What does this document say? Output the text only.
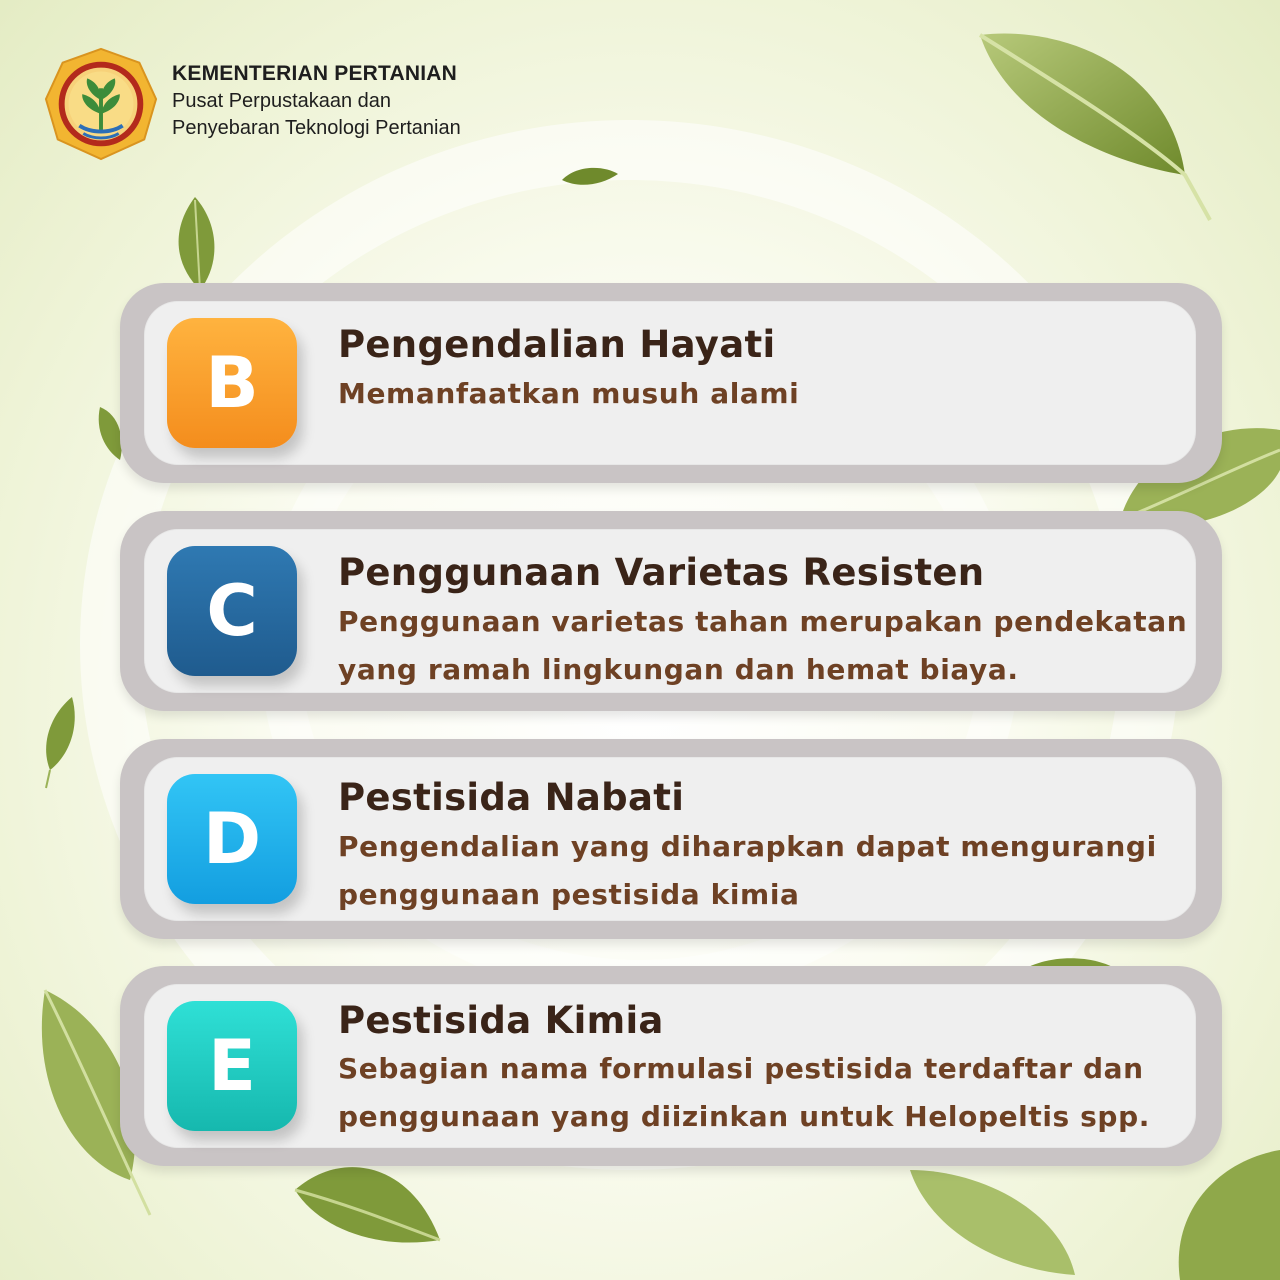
KEMENTERIAN PERTANIAN
Pusat Perpustakaan dan
Penyebaran Teknologi Pertanian
B	Pengendalian Hayati
Memanfaatkan musuh alami
C	Penggunaan Varietas Resisten
Penggunaan varietas tahan merupakan pendekatan
yang ramah lingkungan dan hemat biaya.
D
Pestisida Nabati
Pengendalian yang diharapkan dapat mengurangi
penggunaan pestisida kimia
E
Pestisida Kimia
Sebagian nama formulasi pestisida terdaftar dan
penggunaan yang diizinkan untuk Helopeltis spp.
